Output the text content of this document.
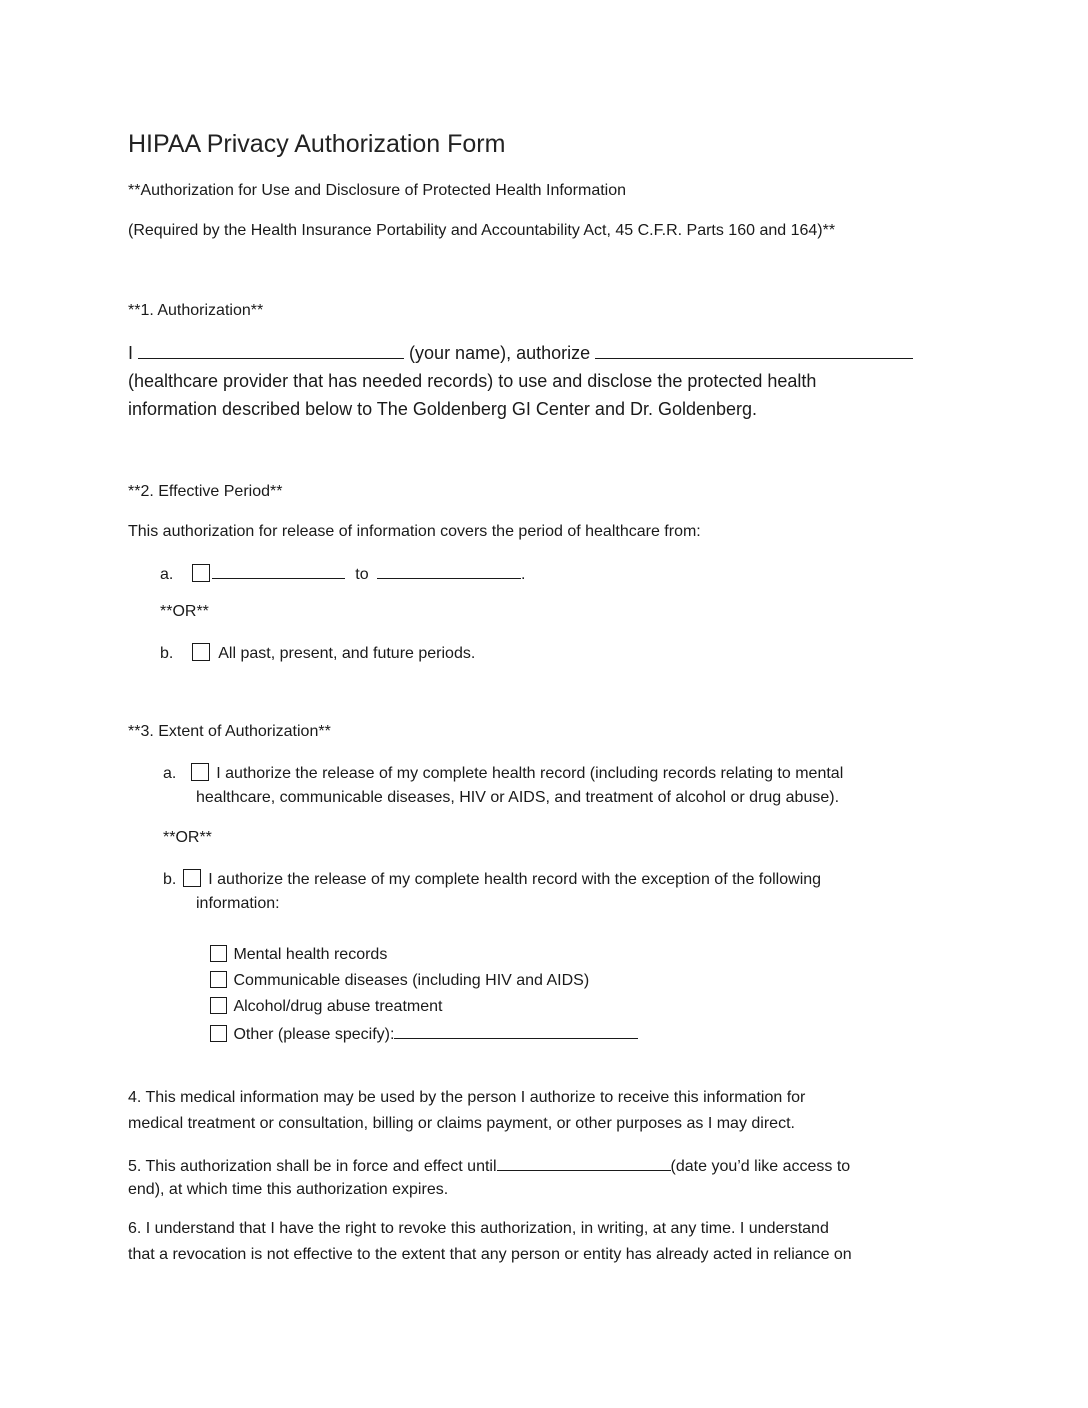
HIPAA Privacy Authorization Form
**Authorization for Use and Disclosure of Protected Health Information
(Required by the Health Insurance Portability and Accountability Act, 45 C.F.R. Parts 160 and 164)**
**1. Authorization**
I	(your name), authorize
(healthcare provider that has needed records) to use and disclose the protected health
information described below to The Goldenberg GI Center and Dr. Goldenberg.
**2. Effective Period**
This authorization for release of information covers the period of healthcare from:
a.	to	.
**OR**
b.	All past, present, and future periods.
**3. Extent of Authorization**
a. I authorize the release of my complete health record (including records relating to mental
healthcare, communicable diseases, HIV or AIDS, and treatment of alcohol or drug abuse).
**OR**
b. I authorize the release of my complete health record with the exception of the following
information:
Mental health records
Communicable diseases (including HIV and AIDS)
Alcohol/drug abuse treatment
Other (please specify):
4. This medical information may be used by the person I authorize to receive this information for
medical treatment or consultation, billing or claims payment, or other purposes as I may direct.
5. This authorization shall be in force and effect until	(date you’d like access to
end), at which time this authorization expires.
6. I understand that I have the right to revoke this authorization, in writing, at any time. I understand
that a revocation is not effective to the extent that any person or entity has already acted in reliance on
